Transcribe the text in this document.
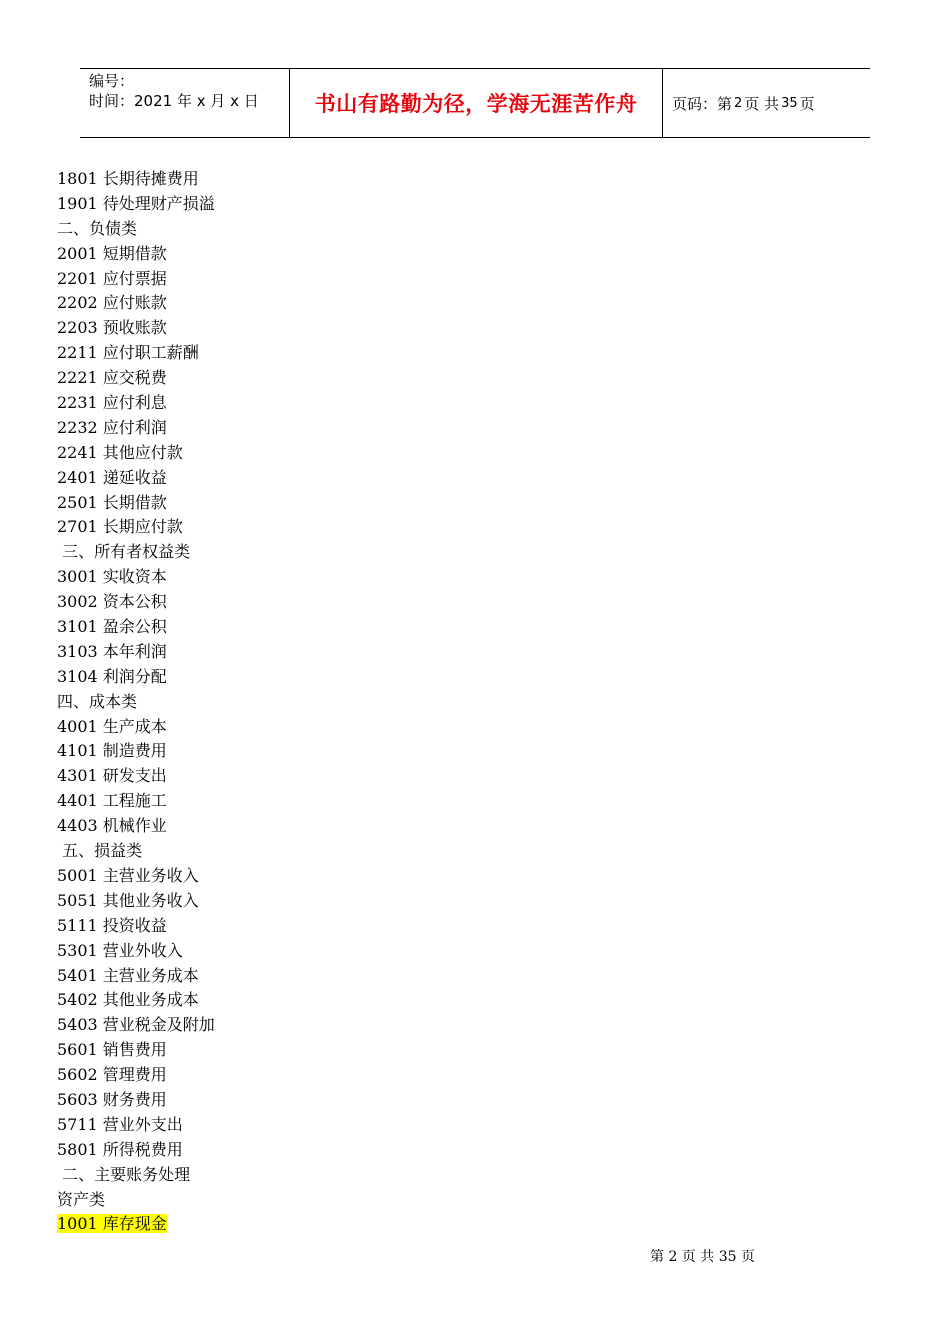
编号：
时间：2021 年 x 月 x 日	书山有路勤为径，学海无涯苦作舟 页码：第 2 页 共 35 页
1801 长期待摊费用
1901 待处理财产损溢
二、负债类
2001 短期借款
2201 应付票据
2202 应付账款
2203 预收账款
2211 应付职工薪酬
2221 应交税费
2231 应付利息
2232 应付利润
2241 其他应付款
2401 递延收益
2501 长期借款
2701 长期应付款
三、所有者权益类
3001 实收资本
3002 资本公积
3101 盈余公积
3103 本年利润
3104 利润分配
四、成本类
4001 生产成本
4101 制造费用
4301 研发支出
4401 工程施工
4403 机械作业
五、损益类
5001 主营业务收入
5051 其他业务收入
5111 投资收益
5301 营业外收入
5401 主营业务成本
5402 其他业务成本
5403 营业税金及附加
5601 销售费用
5602 管理费用
5603 财务费用
5711 营业外支出
5801 所得税费用
二、主要账务处理
资产类
1001 库存现金
第 2 页 共 35 页
